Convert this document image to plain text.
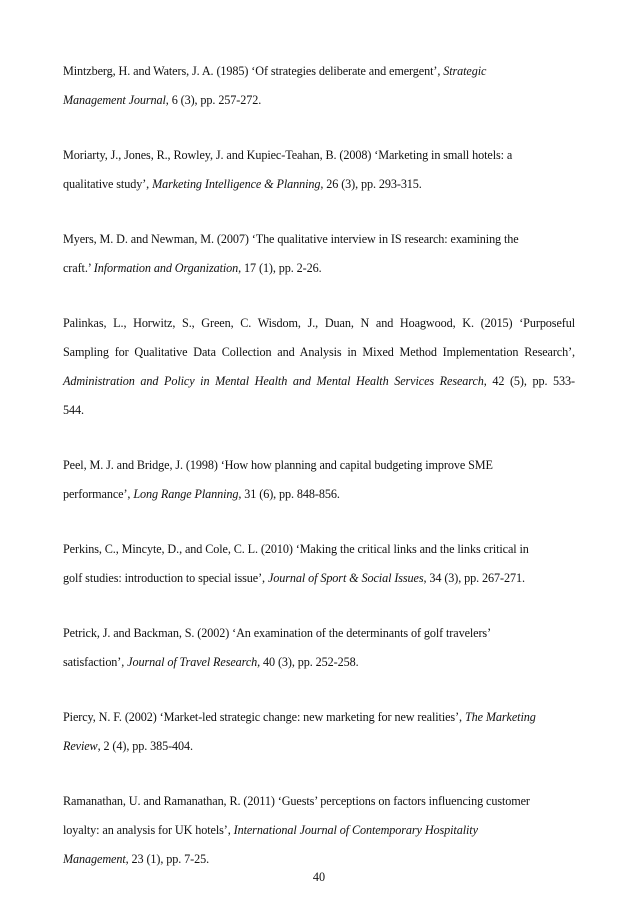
Mintzberg, H. and Waters, J. A. (1985) ‘Of strategies deliberate and emergent’, Strategic
Management Journal, 6 (3), pp. 257-272.

Moriarty, J., Jones, R., Rowley, J. and Kupiec-Teahan, B. (2008) ‘Marketing in small hotels: a
qualitative study’, Marketing Intelligence & Planning, 26 (3), pp. 293-315.

Myers, M. D. and Newman, M. (2007) ‘The qualitative interview in IS research: examining the
craft.’ Information and Organization, 17 (1), pp. 2-26.

Palinkas, L., Horwitz, S., Green, C. Wisdom, J., Duan, N and Hoagwood, K. (2015) ‘Purposeful
Sampling for Qualitative Data Collection and Analysis in Mixed Method Implementation Research’,
Administration and Policy in Mental Health and Mental Health Services Research, 42 (5), pp. 533-
544.

Peel, M. J. and Bridge, J. (1998) ‘How how planning and capital budgeting improve SME
performance’, Long Range Planning, 31 (6), pp. 848-856.

Perkins, C., Mincyte, D., and Cole, C. L. (2010) ‘Making the critical links and the links critical in
golf studies: introduction to special issue’, Journal of Sport & Social Issues, 34 (3), pp. 267-271.

Petrick, J. and Backman, S. (2002) ‘An examination of the determinants of golf travelers’
satisfaction’, Journal of Travel Research, 40 (3), pp. 252-258.

Piercy, N. F. (2002) ‘Market-led strategic change: new marketing for new realities’, The Marketing
Review, 2 (4), pp. 385-404.

Ramanathan, U. and Ramanathan, R. (2011) ‘Guests’ perceptions on factors influencing customer
loyalty: an analysis for UK hotels’, International Journal of Contemporary Hospitality
Management, 23 (1), pp. 7-25.

40
